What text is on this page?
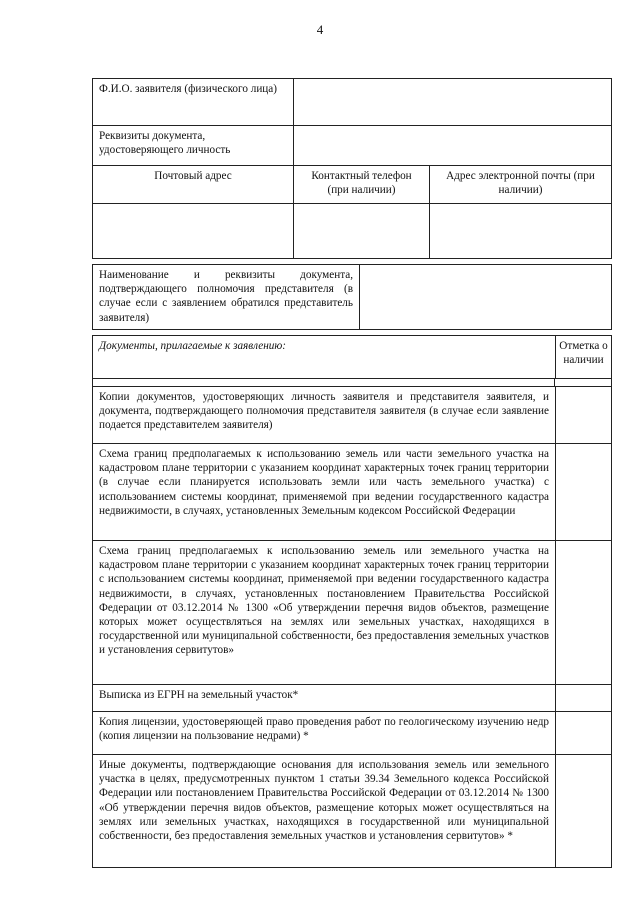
4
Ф.И.О. заявителя (физического лица)
Реквизиты документа, удостоверяющего личность
Почтовый адрес	Контактный телефон (при наличии)
Адрес электронной почты (при наличии)
Наименование и реквизиты документа, подтверждающего полномочия представителя (в случае если с заявлением обратился представитель заявителя)
Документы, прилагаемые к заявлению:	Отметка о наличии
Копии документов, удостоверяющих личность заявителя и представителя заявителя, и документа, подтверждающего полномочия представителя заявителя (в случае если заявление подается представителем заявителя)
Схема границ предполагаемых к использованию земель или части земельного участка на кадастровом плане территории с указанием координат характерных точек границ территории (в случае если планируется использовать земли или часть земельного участка) с использованием системы координат, применяемой при ведении государственного кадастра недвижимости, в случаях, установленных Земельным кодексом Российской Федерации
Схема границ предполагаемых к использованию земель или земельного участка на кадастровом плане территории с указанием координат характерных точек границ территории с использованием системы координат, применяемой при ведении государственного кадастра недвижимости, в случаях, установленных постановлением Правительства Российской Федерации от 03.12.2014 № 1300 «Об утверждении перечня видов объектов, размещение которых может осуществляться на землях или земельных участках, находящихся в государственной или муниципальной собственности, без предоставления земельных участков и установления сервитутов»
Выписка из ЕГРН на земельный участок*
Копия лицензии, удостоверяющей право проведения работ по геологическому изучению недр (копия лицензии на пользование недрами) *
Иные документы, подтверждающие основания для использования земель или земельного участка в целях, предусмотренных пунктом 1 статьи 39.34 Земельного кодекса Российской Федерации или постановлением Правительства Российской Федерации от 03.12.2014 № 1300 «Об утверждении перечня видов объектов, размещение которых может осуществляться на землях или земельных участках, находящихся в государственной или муниципальной собственности, без предоставления земельных участков и установления сервитутов» *
